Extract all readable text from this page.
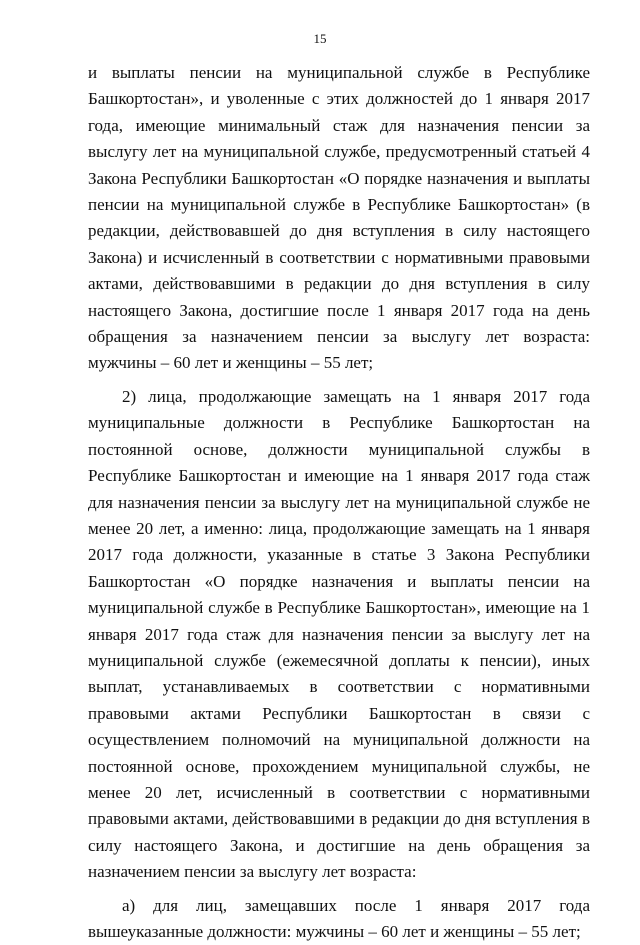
15

и выплаты пенсии на муниципальной службе в Республике Башкортостан», и уволенные с этих должностей до 1 января 2017 года, имеющие минимальный стаж для назначения пенсии за выслугу лет на муниципальной службе, предусмотренный статьей 4 Закона Республики Башкортостан «О порядке назначения и выплаты пенсии на муниципальной службе в Республике Башкортостан» (в редакции, действовавшей до дня вступления в силу настоящего Закона) и исчисленный в соответствии с нормативными правовыми актами, действовавшими в редакции до дня вступления в силу настоящего Закона, достигшие после 1 января 2017 года на день обращения за назначением пенсии за выслугу лет возраста: мужчины – 60 лет и женщины – 55 лет;

2) лица, продолжающие замещать на 1 января 2017 года муниципальные должности в Республике Башкортостан на постоянной основе, должности муниципальной службы в Республике Башкортостан и имеющие на 1 января 2017 года стаж для назначения пенсии за выслугу лет на муниципальной службе не менее 20 лет, а именно: лица, продолжающие замещать на 1 января 2017 года должности, указанные в статье 3 Закона Республики Башкортостан «О порядке назначения и выплаты пенсии на муниципальной службе в Республике Башкортостан», имеющие на 1 января 2017 года стаж для назначения пенсии за выслугу лет на муниципальной службе (ежемесячной доплаты к пенсии), иных выплат, устанавливаемых в соответствии с нормативными правовыми актами Республики Башкортостан в связи с осуществлением полномочий на муниципальной должности на постоянной основе, прохождением муниципальной службы, не менее 20 лет, исчисленный в соответствии с нормативными правовыми актами, действовавшими в редакции до дня вступления в силу настоящего Закона, и достигшие на день обращения за назначением пенсии за выслугу лет возраста:

а) для лиц, замещавших после 1 января 2017 года вышеуказанные должности: мужчины – 60 лет и женщины – 55 лет;
